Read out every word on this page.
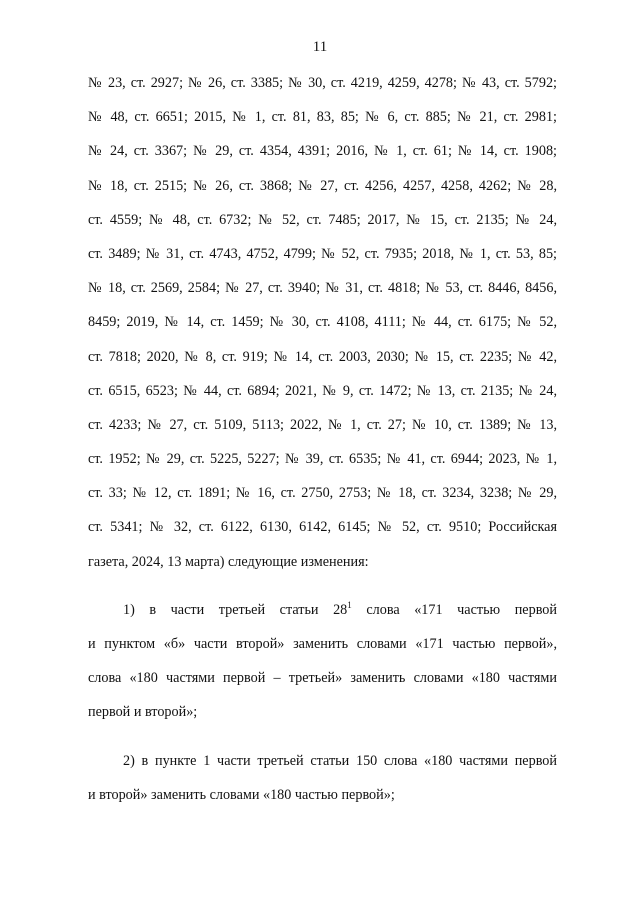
11
№ 23, ст. 2927; № 26, ст. 3385; № 30, ст. 4219, 4259, 4278; № 43, ст. 5792;
№ 48, ст. 6651; 2015, № 1, ст. 81, 83, 85; № 6, ст. 885; № 21, ст. 2981;
№ 24, ст. 3367; № 29, ст. 4354, 4391; 2016, № 1, ст. 61; № 14, ст. 1908;
№ 18, ст. 2515; № 26, ст. 3868; № 27, ст. 4256, 4257, 4258, 4262; № 28,
ст. 4559; № 48, ст. 6732; № 52, ст. 7485; 2017, № 15, ст. 2135; № 24,
ст. 3489; № 31, ст. 4743, 4752, 4799; № 52, ст. 7935; 2018, № 1, ст. 53, 85;
№ 18, ст. 2569, 2584; № 27, ст. 3940; № 31, ст. 4818; № 53, ст. 8446, 8456,
8459; 2019, № 14, ст. 1459; № 30, ст. 4108, 4111; № 44, ст. 6175; № 52,
ст. 7818; 2020, № 8, ст. 919; № 14, ст. 2003, 2030; № 15, ст. 2235; № 42,
ст. 6515, 6523; № 44, ст. 6894; 2021, № 9, ст. 1472; № 13, ст. 2135; № 24,
ст. 4233; № 27, ст. 5109, 5113; 2022, № 1, ст. 27; № 10, ст. 1389; № 13,
ст. 1952; № 29, ст. 5225, 5227; № 39, ст. 6535; № 41, ст. 6944; 2023, № 1,
ст. 33; № 12, ст. 1891; № 16, ст. 2750, 2753; № 18, ст. 3234, 3238; № 29,
ст. 5341; № 32, ст. 6122, 6130, 6142, 6145; № 52, ст. 9510; Российская
газета, 2024, 13 марта) следующие изменения:
1) в части третьей статьи $28^1$ слова «171 частью первой
и пунктом «б» части второй» заменить словами «171 частью первой»,
слова «180 частями первой – третьей» заменить словами «180 частями
первой и второй»;
2) в пункте 1 части третьей статьи 150 слова «180 частями первой
и второй» заменить словами «180 частью первой»;
